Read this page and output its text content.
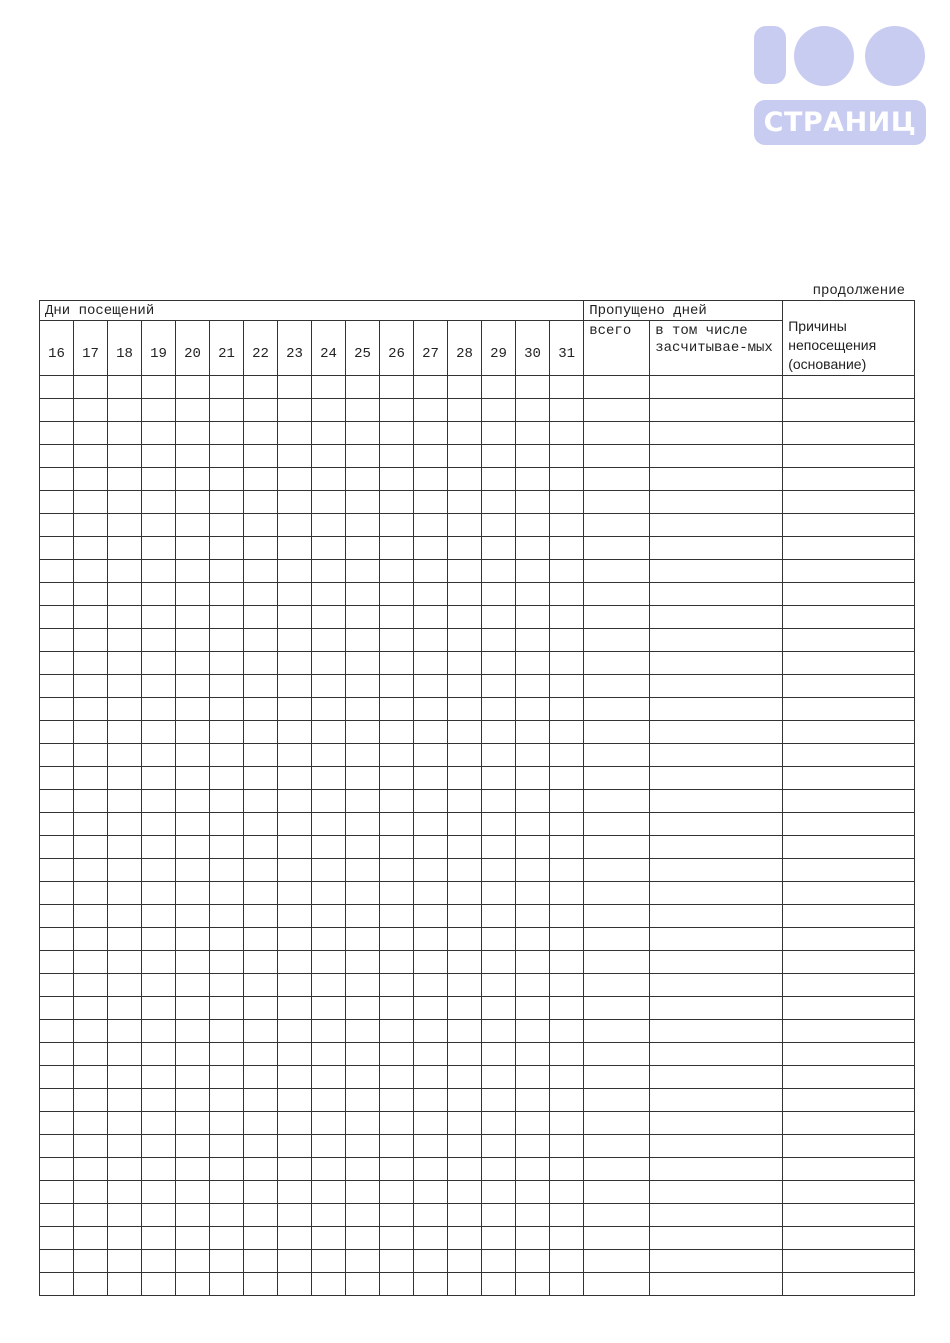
СТРАНИЦ
продолжение
Дни посещений																Пропущено дней		Причины непосещения (основание)
16	17	18	19	20	21	22	23	24	25	26	27	28	29	30	31	всего	в том числе засчитывае-мых	
